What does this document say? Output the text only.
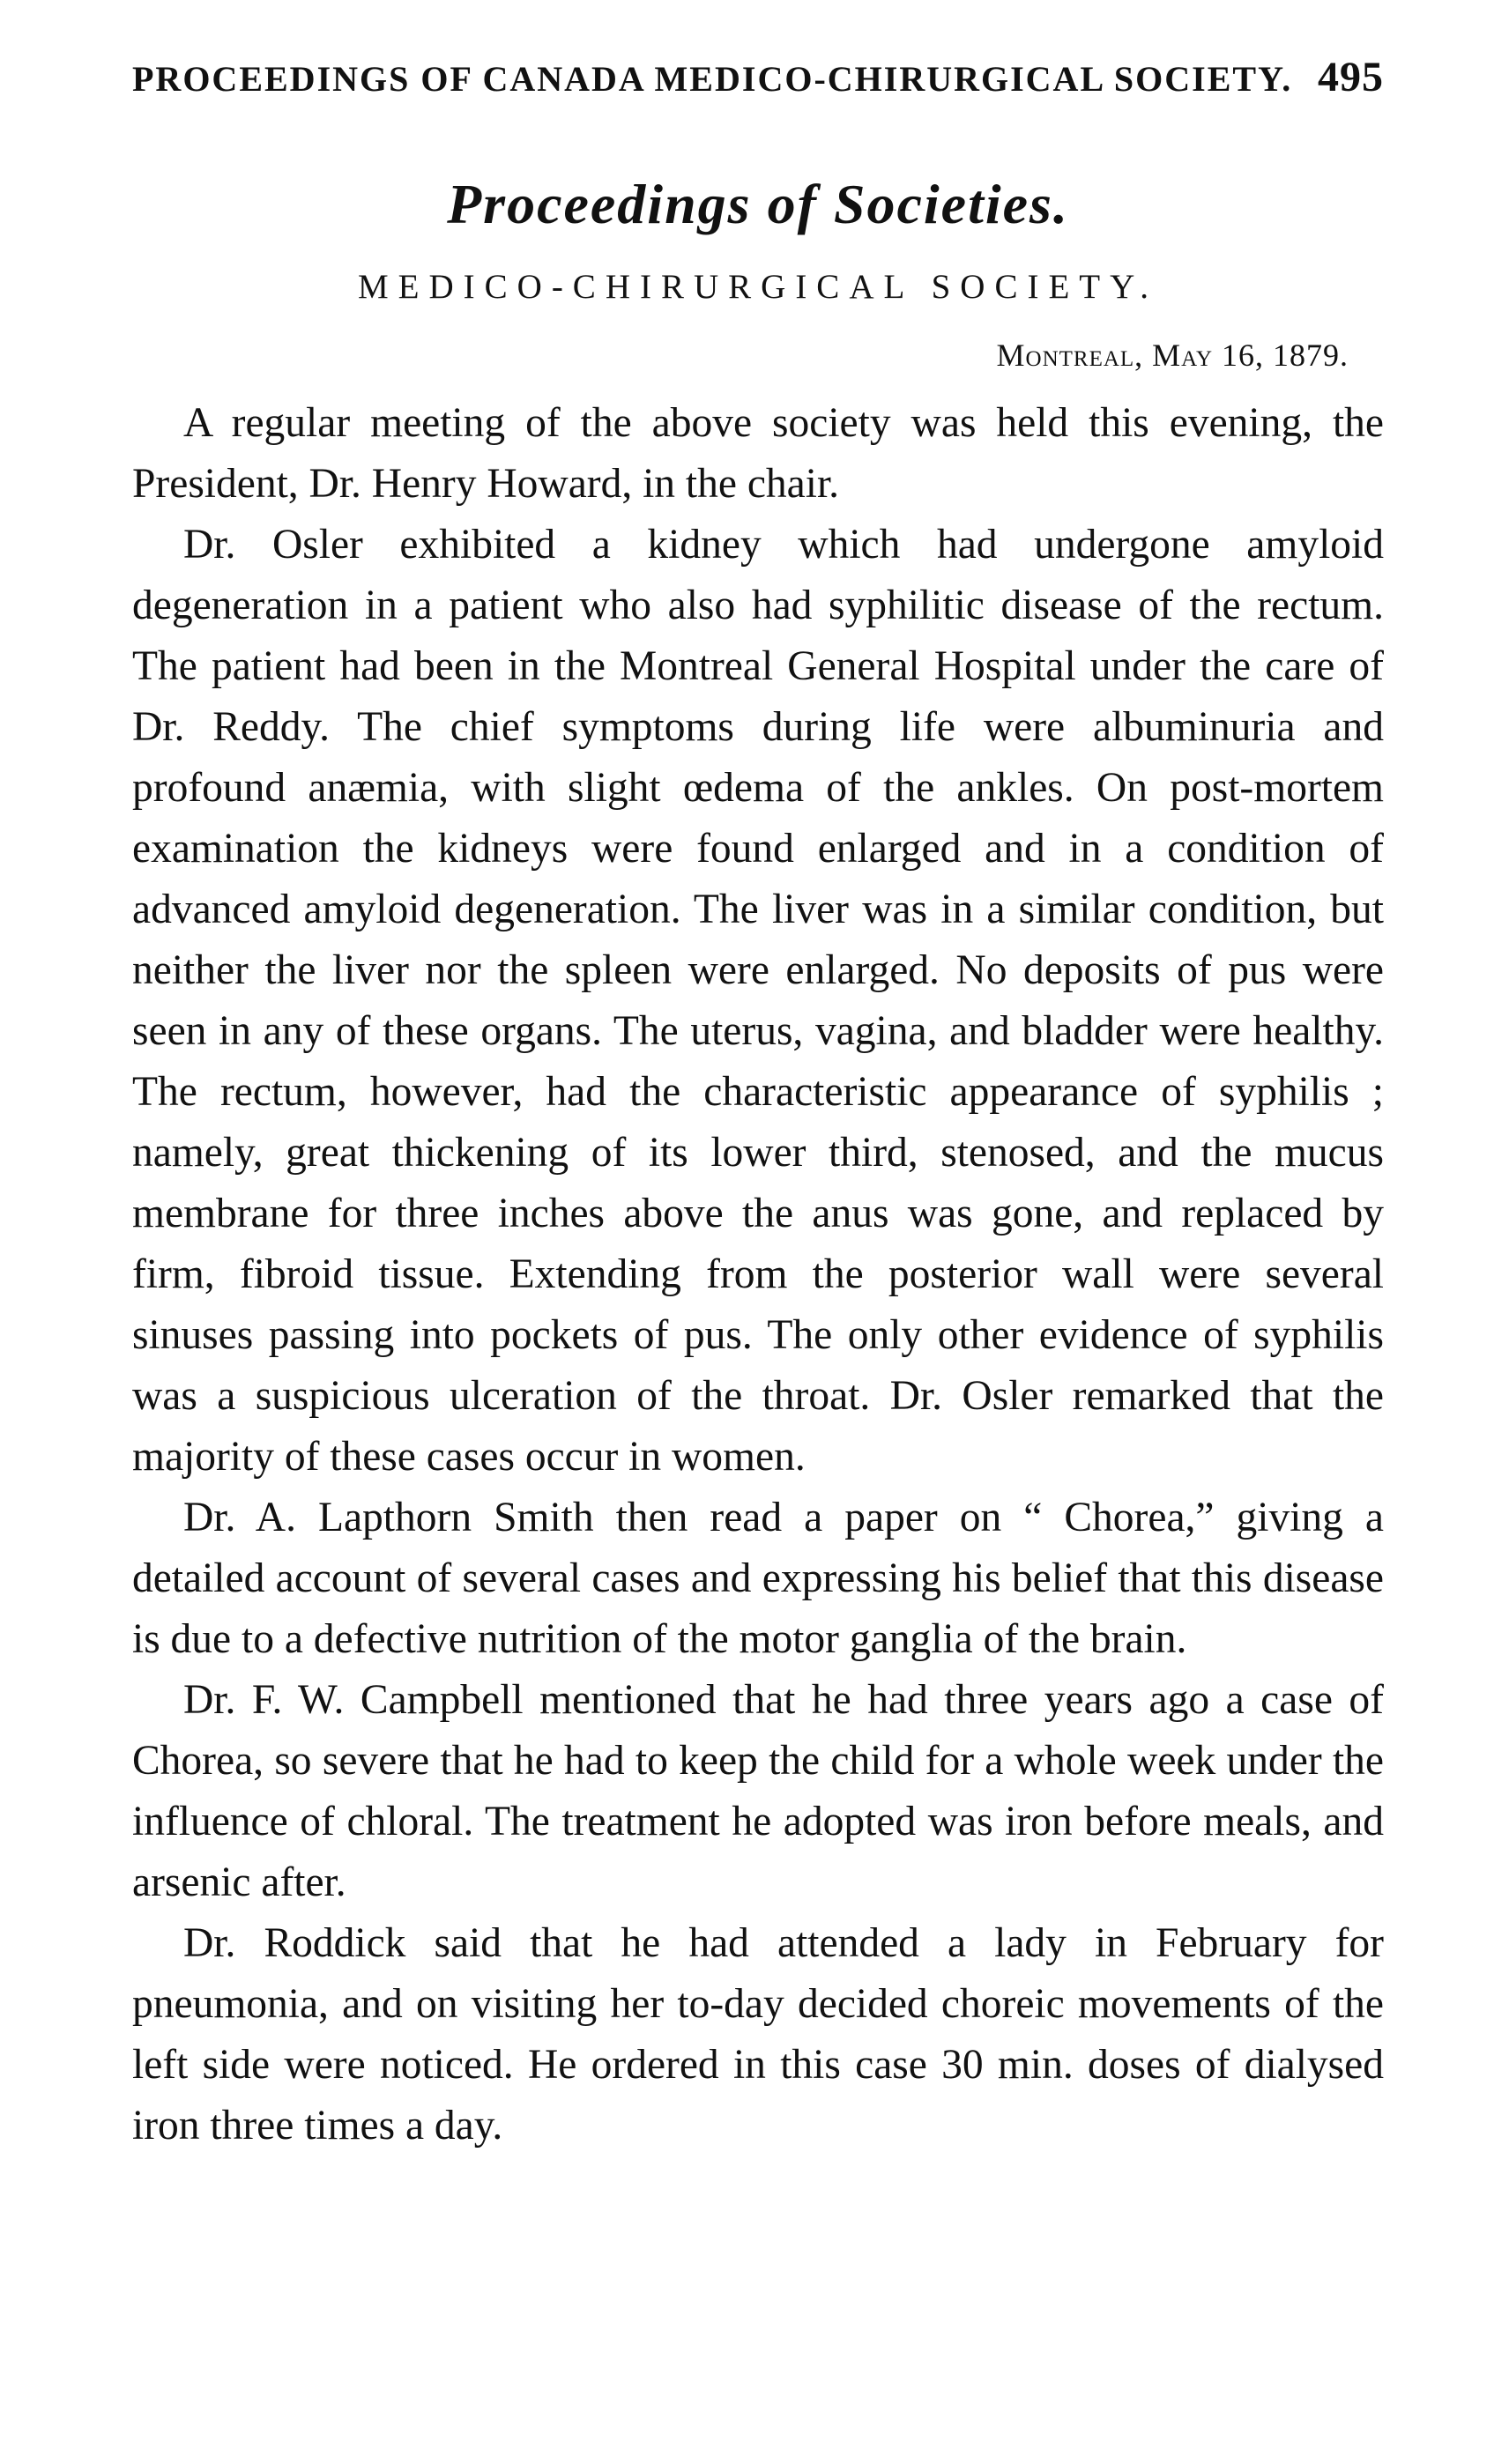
PROCEEDINGS OF CANADA MEDICO-CHIRURGICAL SOCIETY. 495
Proceedings of Societies.
MEDICO-CHIRURGICAL SOCIETY.
Montreal, May 16, 1879.

A regular meeting of the above society was held this evening, the President, Dr. Henry Howard, in the chair.

Dr. Osler exhibited a kidney which had undergone amyloid degeneration in a patient who also had syphilitic disease of the rectum. The patient had been in the Montreal General Hospital under the care of Dr. Reddy. The chief symptoms during life were albuminuria and profound anæmia, with slight œdema of the ankles. On post-mortem examination the kidneys were found enlarged and in a condition of advanced amyloid degeneration. The liver was in a similar condition, but neither the liver nor the spleen were enlarged. No deposits of pus were seen in any of these organs. The uterus, vagina, and bladder were healthy. The rectum, however, had the characteristic appearance of syphilis ; namely, great thickening of its lower third, stenosed, and the mucus membrane for three inches above the anus was gone, and replaced by firm, fibroid tissue. Extending from the posterior wall were several sinuses passing into pockets of pus. The only other evidence of syphilis was a suspicious ulceration of the throat. Dr. Osler remarked that the majority of these cases occur in women.

Dr. A. Lapthorn Smith then read a paper on “ Chorea,” giving a detailed account of several cases and expressing his belief that this disease is due to a defective nutrition of the motor ganglia of the brain.

Dr. F. W. Campbell mentioned that he had three years ago a case of Chorea, so severe that he had to keep the child for a whole week under the influence of chloral. The treatment he adopted was iron before meals, and arsenic after.

Dr. Roddick said that he had attended a lady in February for pneumonia, and on visiting her to-day decided choreic movements of the left side were noticed. He ordered in this case 30 min. doses of dialysed iron three times a day.
